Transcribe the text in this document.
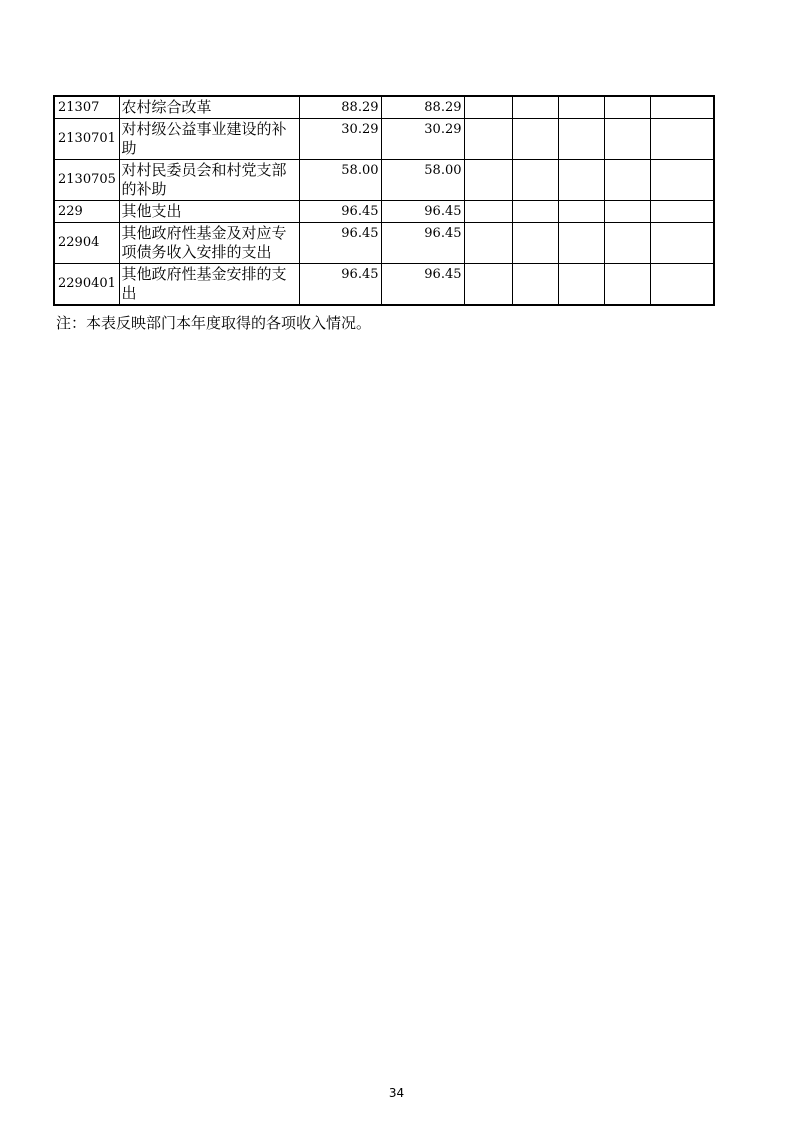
21307	农村综合改革	88.29	88.29					
2130701	对村级公益事业建设的补助	30.29	30.29					
2130705	对村民委员会和村党支部的补助	58.00	58.00					
229	其他支出	96.45	96.45					
22904	其他政府性基金及对应专项债务收入安排的支出	96.45	96.45					
2290401	其他政府性基金安排的支出	96.45	96.45					

注：本表反映部门本年度取得的各项收入情况。

34
